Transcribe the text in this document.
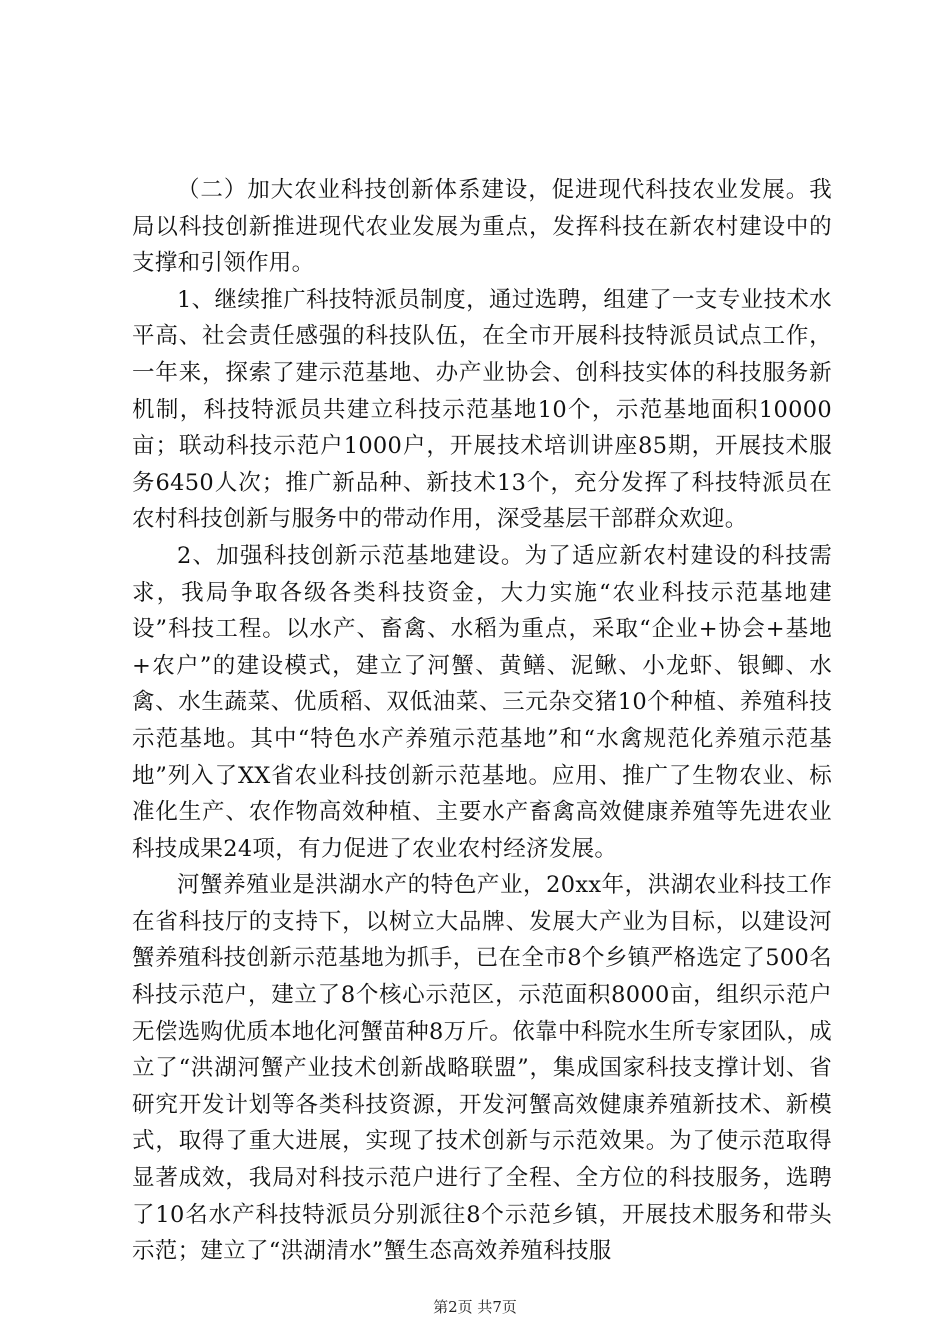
（二）加大农业科技创新体系建设，促进现代科技农业发展。我局以科技创新推进现代农业发展为重点，发挥科技在新农村建设中的支撑和引领作用。

1、继续推广科技特派员制度，通过选聘，组建了一支专业技术水平高、社会责任感强的科技队伍，在全市开展科技特派员试点工作，一年来，探索了建示范基地、办产业协会、创科技实体的科技服务新机制，科技特派员共建立科技示范基地10个，示范基地面积10000亩；联动科技示范户1000户，开展技术培训讲座85期，开展技术服务6450人次；推广新品种、新技术13个，充分发挥了科技特派员在农村科技创新与服务中的带动作用，深受基层干部群众欢迎。

2、加强科技创新示范基地建设。为了适应新农村建设的科技需求，我局争取各级各类科技资金，大力实施“农业科技示范基地建设”科技工程。以水产、畜禽、水稻为重点，采取“企业+协会+基地+农户”的建设模式，建立了河蟹、黄鳝、泥鳅、小龙虾、银鲫、水禽、水生蔬菜、优质稻、双低油菜、三元杂交猪10个种植、养殖科技示范基地。其中“特色水产养殖示范基地”和“水禽规范化养殖示范基地”列入了XX省农业科技创新示范基地。应用、推广了生物农业、标准化生产、农作物高效种植、主要水产畜禽高效健康养殖等先进农业科技成果24项，有力促进了农业农村经济发展。

河蟹养殖业是洪湖水产的特色产业，20xx年，洪湖农业科技工作在省科技厅的支持下，以树立大品牌、发展大产业为目标，以建设河蟹养殖科技创新示范基地为抓手，已在全市8个乡镇严格选定了500名科技示范户，建立了8个核心示范区，示范面积8000亩，组织示范户无偿选购优质本地化河蟹苗种8万斤。依靠中科院水生所专家团队，成立了“洪湖河蟹产业技术创新战略联盟”，集成国家科技支撑计划、省研究开发计划等各类科技资源，开发河蟹高效健康养殖新技术、新模式，取得了重大进展，实现了技术创新与示范效果。为了使示范取得显著成效，我局对科技示范户进行了全程、全方位的科技服务，选聘了10名水产科技特派员分别派往8个示范乡镇，开展技术服务和带头示范；建立了“洪湖清水”蟹生态高效养殖科技服

第2页 共7页
